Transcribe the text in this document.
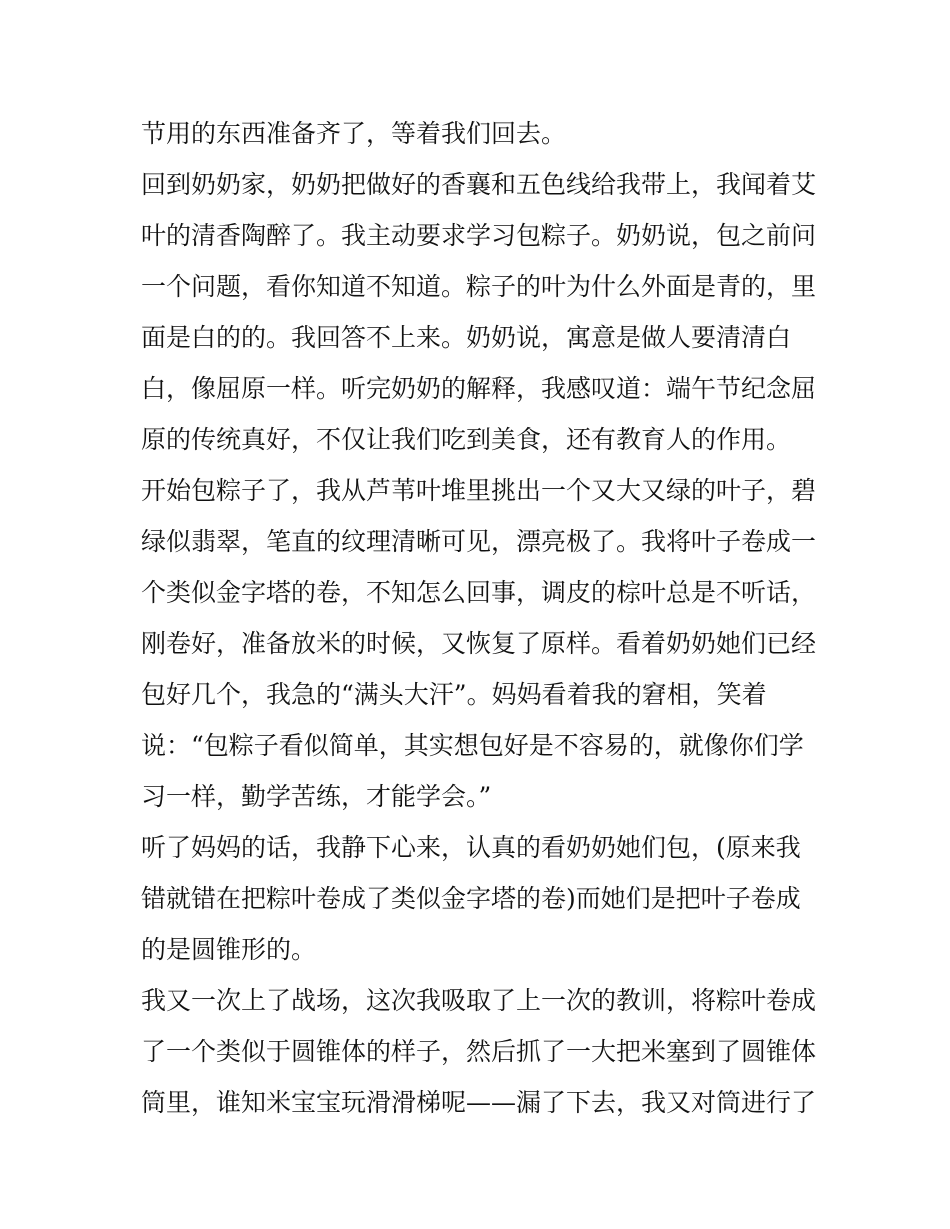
节用的东西准备齐了，等着我们回去。
回到奶奶家，奶奶把做好的香襄和五色线给我带上，我闻着艾
叶的清香陶醉了。我主动要求学习包粽子。奶奶说，包之前问
一个问题，看你知道不知道。粽子的叶为什么外面是青的，里
面是白的的。我回答不上来。奶奶说，寓意是做人要清清白
白，像屈原一样。听完奶奶的解释，我感叹道：端午节纪念屈
原的传统真好，不仅让我们吃到美食，还有教育人的作用。
开始包粽子了，我从芦苇叶堆里挑出一个又大又绿的叶子，碧
绿似翡翠，笔直的纹理清晰可见，漂亮极了。我将叶子卷成一
个类似金字塔的卷，不知怎么回事，调皮的棕叶总是不听话，
刚卷好，准备放米的时候，又恢复了原样。看着奶奶她们已经
包好几个，我急的“满头大汗”。妈妈看着我的窘相，笑着
说：“包粽子看似简单，其实想包好是不容易的，就像你们学
习一样，勤学苦练，才能学会。”
听了妈妈的话，我静下心来，认真的看奶奶她们包，(原来我
错就错在把粽叶卷成了类似金字塔的卷)而她们是把叶子卷成
的是圆锥形的。
我又一次上了战场，这次我吸取了上一次的教训，将粽叶卷成
了一个类似于圆锥体的样子，然后抓了一大把米塞到了圆锥体
筒里，谁知米宝宝玩滑滑梯呢——漏了下去，我又对筒进行了
